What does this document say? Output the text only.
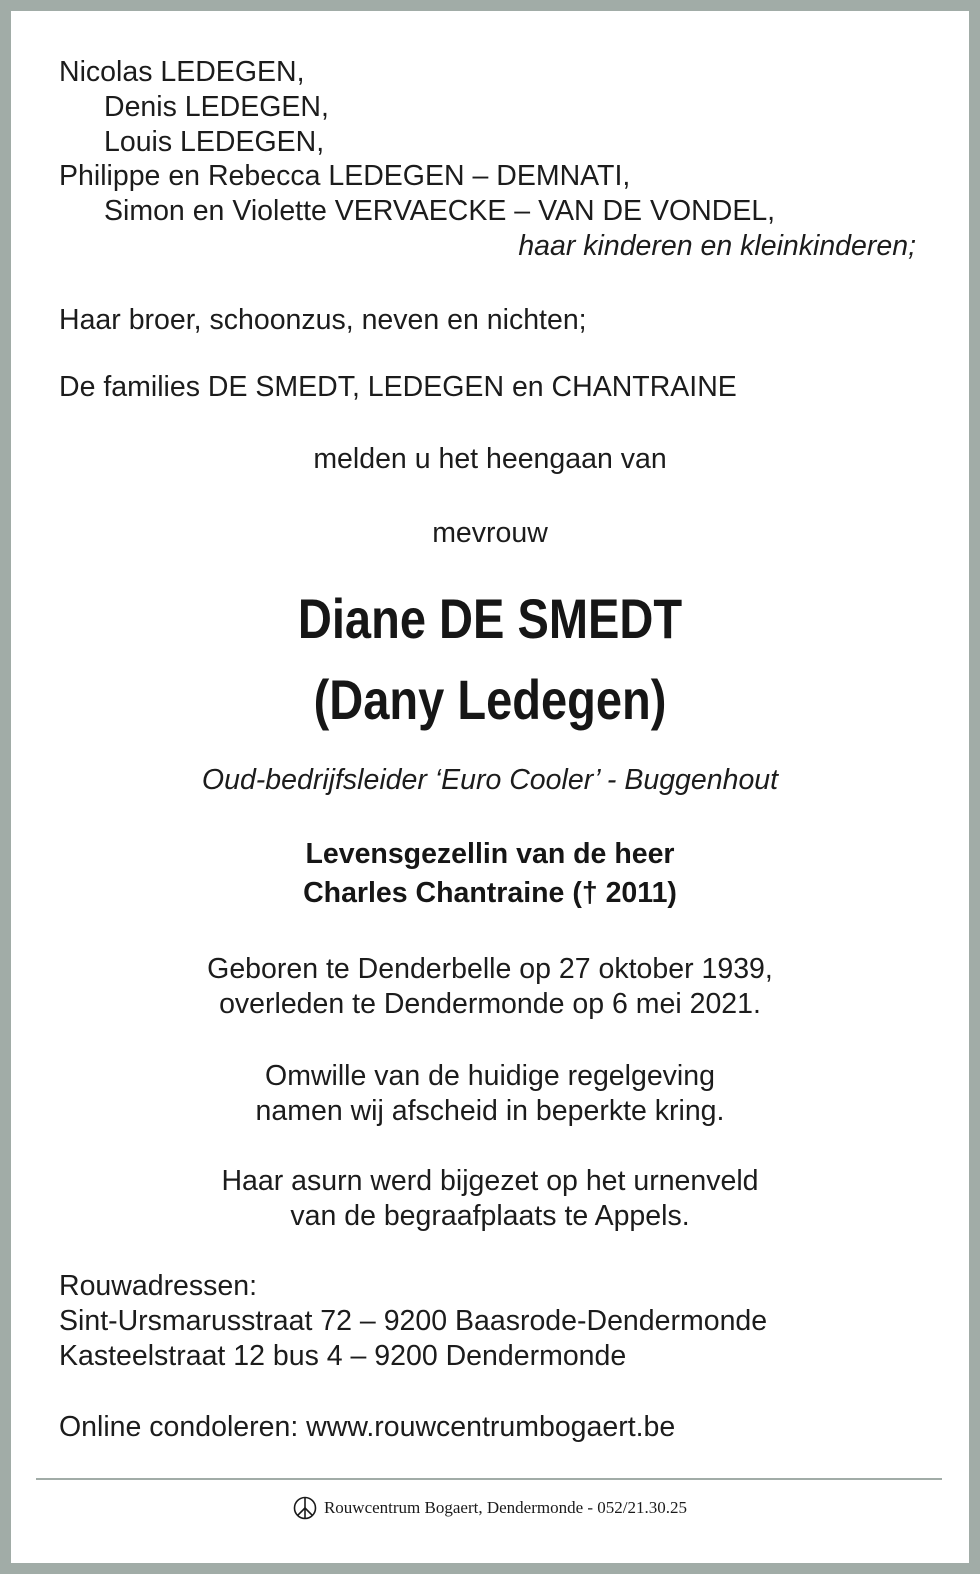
Nicolas LEDEGEN,

Denis LEDEGEN,

Louis LEDEGEN,

Philippe en Rebecca LEDEGEN – DEMNATI,

Simon en Violette VERVAECKE – VAN DE VONDEL,

haar kinderen en kleinkinderen;

Haar broer, schoonzus, neven en nichten;

De families DE SMEDT, LEDEGEN en CHANTRAINE

melden u het heengaan van

mevrouw

Diane DE SMEDT

(Dany Ledegen)

Oud-bedrijfsleider ‘Euro Cooler’ - Buggenhout

Levensgezellin van de heer

Charles Chantraine († 2011)

Geboren te Denderbelle op 27 oktober 1939,

overleden te Dendermonde op 6 mei 2021.

Omwille van de huidige regelgeving

namen wij afscheid in beperkte kring.

Haar asurn werd bijgezet op het urnenveld

van de begraafplaats te Appels.

Rouwadressen:

Sint-Ursmarusstraat 72 – 9200 Baasrode-Dendermonde

Kasteelstraat 12 bus 4 – 9200 Dendermonde

Online condoleren: www.rouwcentrumbogaert.be

Rouwcentrum Bogaert, Dendermonde - 052/21.30.25
